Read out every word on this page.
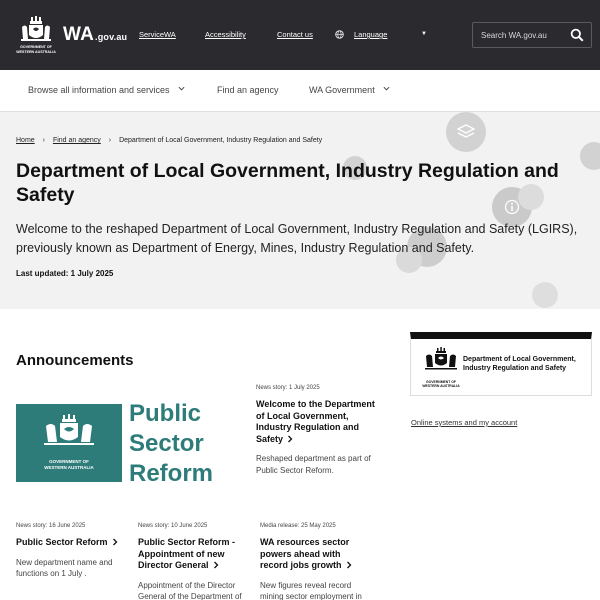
GOVERNMENT OF
WESTERN AUSTRALIA
WA.gov.au ServiceWA	Accessibility	Contact us	Language	▼	Search WA.gov.au
Browse all information and services	Find an agency	WA Government
Home › Find an agency › Department of Local Government, Industry Regulation and Safety
Department of Local Government, Industry Regulation and Safety

Welcome to the reshaped Department of Local Government, Industry Regulation and Safety (LGIRS), previously known as Department of Energy, Mines, Industry Regulation and Safety.

Last updated: 1 July 2025
Announcements
GOVERNMENT OF
WESTERN AUSTRALIA
Public
Sector
Reform
News story: 1 July 2025
Welcome to the Department of Local Government, Industry Regulation and Safety
Reshaped department as part of Public Sector Reform.
News story: 16 June 2025
Public Sector Reform
New department name and functions on 1 July .
News story: 10 June 2025
Public Sector Reform - Appointment of new Director General
Appointment of the Director General of the Department of
Media release: 25 May 2025
WA resources sector powers ahead with record jobs growth
New figures reveal record mining sector employment in
GOVERNMENT OF
WESTERN AUSTRALIA
Department of Local Government, Industry Regulation and Safety
Online systems and my account
